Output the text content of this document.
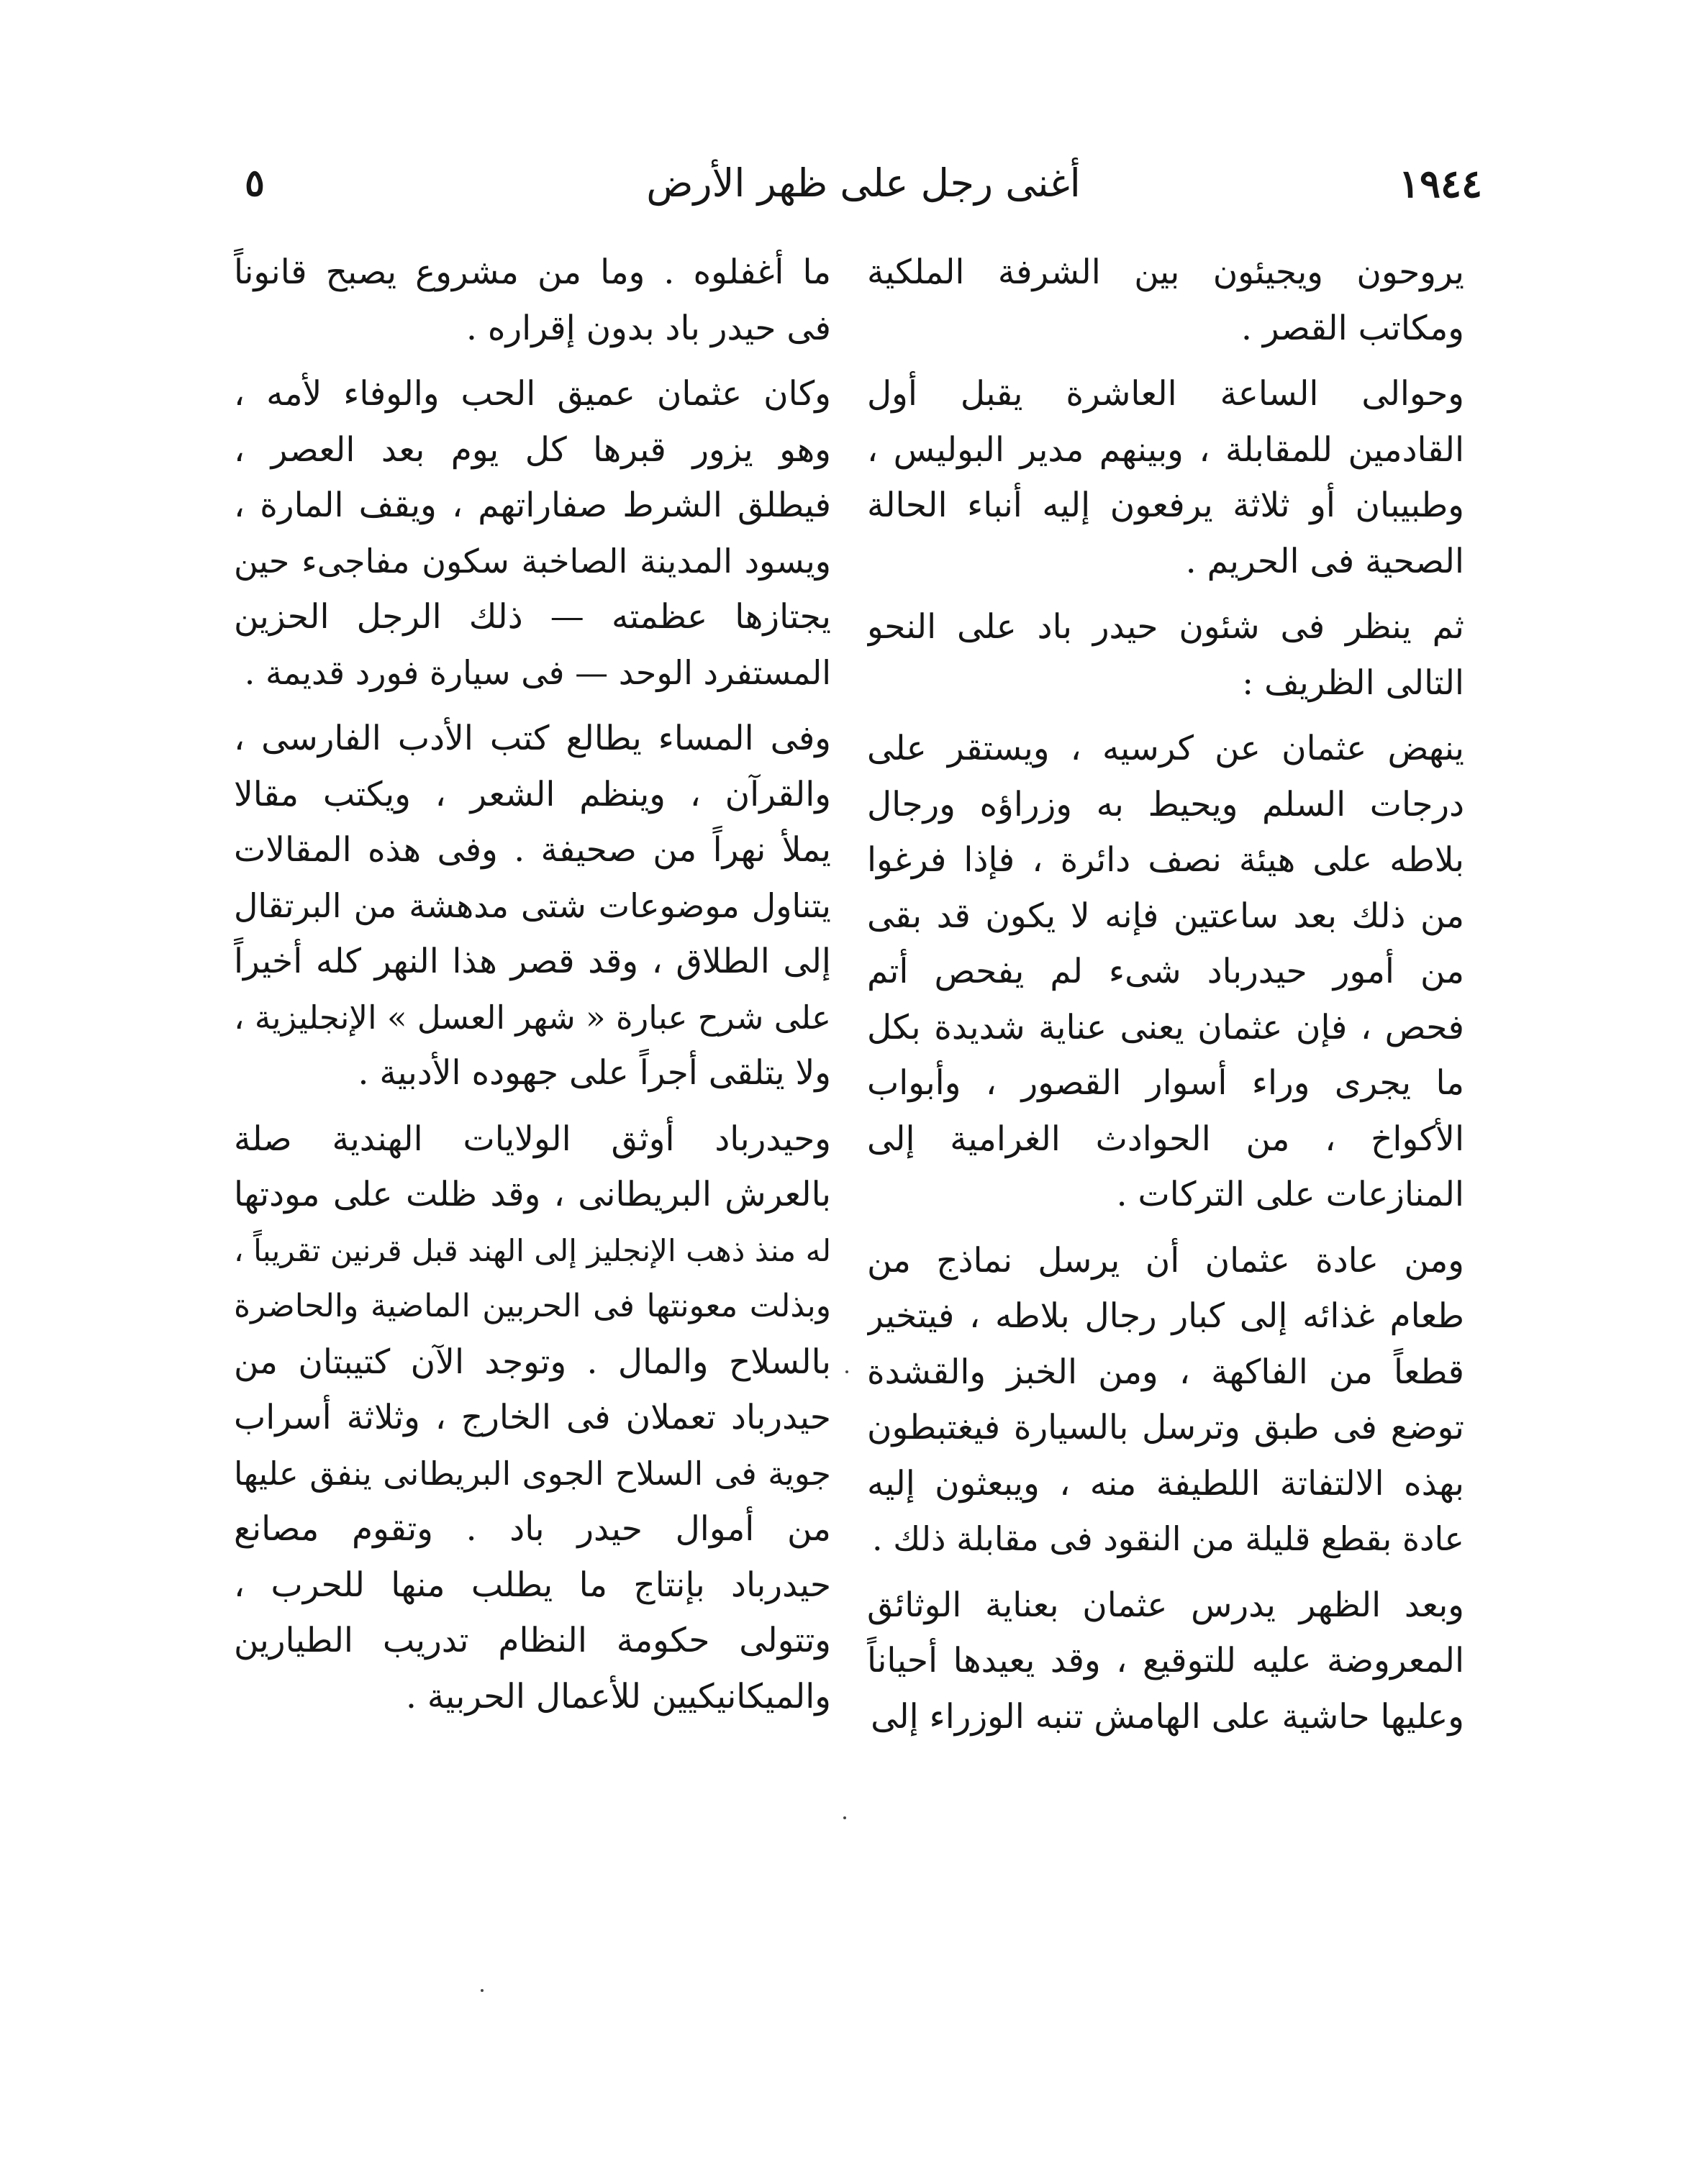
٥	أغنى رجل على ظهر الأرض	١٩٤٤
يروحون ويجيئون بين الشرفة الملكية
ومكاتب القصر .
وحوالى الساعة العاشرة يقبل أول
القادمين للمقابلة ، وبينهم مدير البوليس ،
وطبيبان أو ثلاثة يرفعون إليه أنباء الحالة
الصحية فى الحريم .
ثم ينظر فى شئون حيدر باد على النحو
التالى الظريف :
ينهض عثمان عن كرسيه ، ويستقر على
درجات السلم ويحيط به وزراؤه ورجال
بلاطه على هيئة نصف دائرة ، فإذا فرغوا
من ذلك بعد ساعتين فإنه لا يكون قد بقى
من أمور حيدرباد شىء لم يفحص أتم
فحص ، فإن عثمان يعنى عناية شديدة بكل
ما يجرى وراء أسوار القصور ، وأبواب
الأكواخ ، من الحوادث الغرامية إلى
المنازعات على التركات .
ومن عادة عثمان أن يرسل نماذج من
طعام غذائه إلى كبار رجال بلاطه ، فيتخير
قطعاً من الفاكهة ، ومن الخبز والقشدة
توضع فى طبق وترسل بالسيارة فيغتبطون
بهذه الالتفاتة اللطيفة منه ، ويبعثون إليه
عادة بقطع قليلة من النقود فى مقابلة ذلك .
وبعد الظهر يدرس عثمان بعناية الوثائق
المعروضة عليه للتوقيع ، وقد يعيدها أحياناً
وعليها حاشية على الهامش تنبه الوزراء إلى
ما أغفلوه . وما من مشروع يصبح قانوناً
فى حيدر باد بدون إقراره .
وكان عثمان عميق الحب والوفاء لأمه ،
وهو يزور قبرها كل يوم بعد العصر ،
فيطلق الشرط صفاراتهم ، ويقف المارة ،
ويسود المدينة الصاخبة سكون مفاجىء حين
يجتازها عظمته — ذلك الرجل الحزين
المستفرد الوحد — فى سيارة فورد قديمة .
وفى المساء يطالع كتب الأدب الفارسى ،
والقرآن ، وينظم الشعر ، ويكتب مقالا
يملأ نهراً من صحيفة . وفى هذه المقالات
يتناول موضوعات شتى مدهشة من البرتقال
إلى الطلاق ، وقد قصر هذا النهر كله أخيراً
على شرح عبارة « شهر العسل » الإنجليزية ،
ولا يتلقى أجراً على جهوده الأدبية .
وحيدرباد أوثق الولايات الهندية صلة
بالعرش البريطانى ، وقد ظلت على مودتها
له منذ ذهب الإنجليز إلى الهند قبل قرنين تقريباً ،
وبذلت معونتها فى الحربين الماضية والحاضرة
بالسلاح والمال . وتوجد الآن كتيبتان من
حيدرباد تعملان فى الخارج ، وثلاثة أسراب
جوية فى السلاح الجوى البريطانى ينفق عليها
من أموال حيدر باد . وتقوم مصانع
حيدرباد بإنتاج ما يطلب منها للحرب ،
وتتولى حكومة النظام تدريب الطيارين
والميكانيكيين للأعمال الحربية .
